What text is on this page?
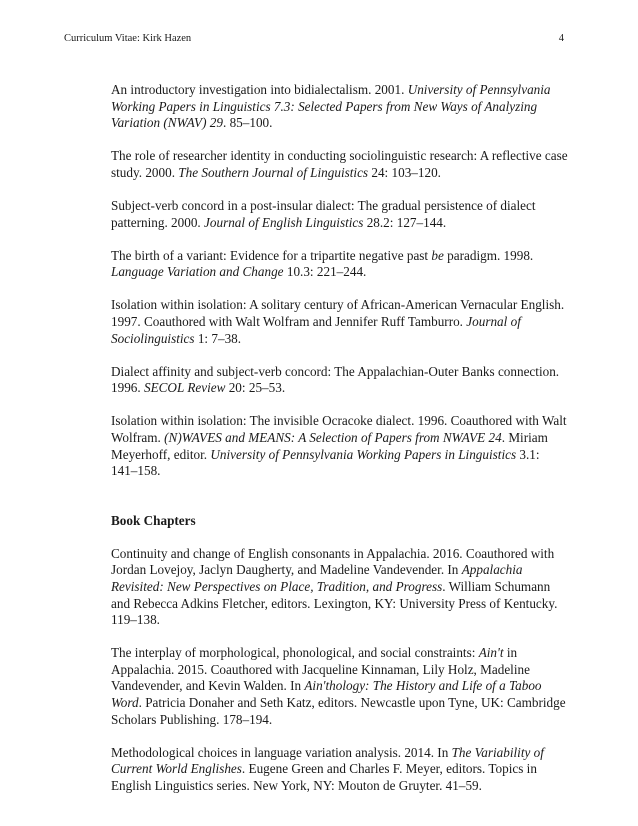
Curriculum Vitae: Kirk Hazen	4

An introductory investigation into bidialectalism. 2001. University of Pennsylvania Working Papers in Linguistics 7.3: Selected Papers from New Ways of Analyzing Variation (NWAV) 29. 85–100.

The role of researcher identity in conducting sociolinguistic research: A reflective case study. 2000. The Southern Journal of Linguistics 24: 103–120.

Subject-verb concord in a post-insular dialect: The gradual persistence of dialect patterning. 2000. Journal of English Linguistics 28.2: 127–144.

The birth of a variant: Evidence for a tripartite negative past be paradigm. 1998. Language Variation and Change 10.3: 221–244.

Isolation within isolation: A solitary century of African-American Vernacular English. 1997. Coauthored with Walt Wolfram and Jennifer Ruff Tamburro. Journal of Sociolinguistics 1: 7–38.

Dialect affinity and subject-verb concord: The Appalachian-Outer Banks connection. 1996. SECOL Review 20: 25–53.

Isolation within isolation: The invisible Ocracoke dialect. 1996. Coauthored with Walt Wolfram. (N)WAVES and MEANS: A Selection of Papers from NWAVE 24. Miriam Meyerhoff, editor. University of Pennsylvania Working Papers in Linguistics 3.1: 141–158.

Book Chapters

Continuity and change of English consonants in Appalachia. 2016. Coauthored with Jordan Lovejoy, Jaclyn Daugherty, and Madeline Vandevender. In Appalachia Revisited: New Perspectives on Place, Tradition, and Progress. William Schumann and Rebecca Adkins Fletcher, editors. Lexington, KY: University Press of Kentucky. 119–138.

The interplay of morphological, phonological, and social constraints: Ain't in Appalachia. 2015. Coauthored with Jacqueline Kinnaman, Lily Holz, Madeline Vandevender, and Kevin Walden. In Ain'thology: The History and Life of a Taboo Word. Patricia Donaher and Seth Katz, editors. Newcastle upon Tyne, UK: Cambridge Scholars Publishing. 178–194.

Methodological choices in language variation analysis. 2014. In The Variability of Current World Englishes. Eugene Green and Charles F. Meyer, editors. Topics in English Linguistics series. New York, NY: Mouton de Gruyter. 41–59.
